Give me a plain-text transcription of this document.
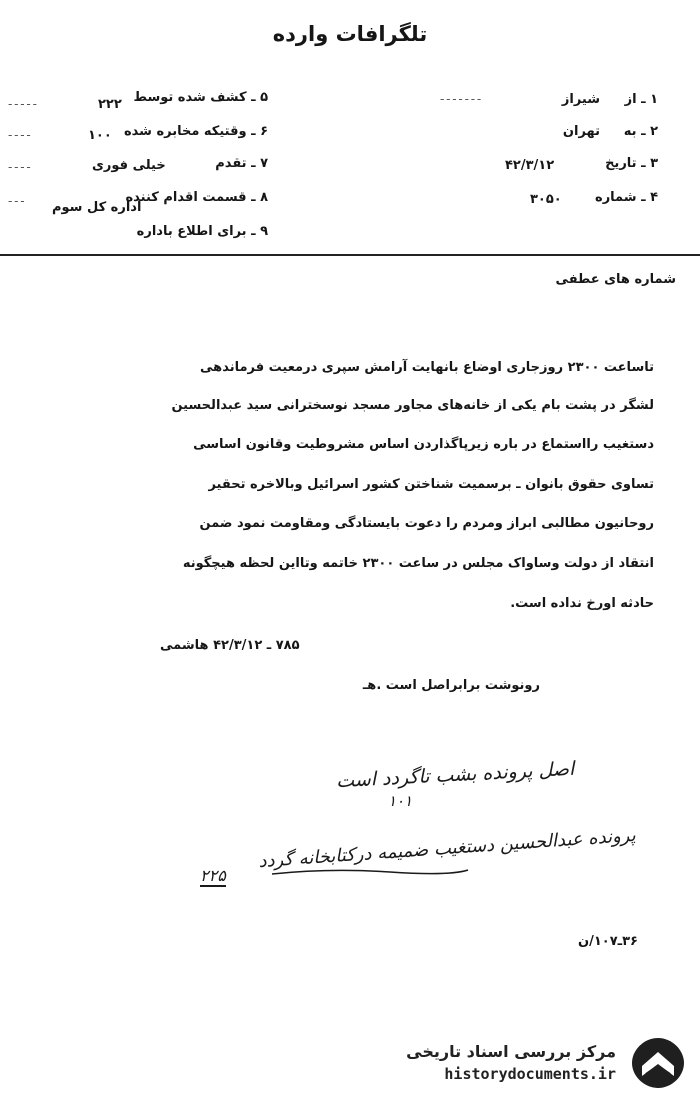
تلگرافات وارده
۱ ـ از
شیراز
- - - - - - -
۲ ـ به
تهران
۳ ـ تاریخ
۴۲/۳/۱۲
۴ ـ شماره
۳۰۵۰
۵ ـ کشف شده توسط
۲۲۲
- - - - -
۶ ـ وقتیکه مخابره شده
۱۰۰
- - - -
۷ ـ تقدم
خیلی فوری
- - - -
۸ ـ قسمت اقدام کننده
اداره کل سوم
- - -
۹ ـ برای اطلاع باداره
شماره های عطفی
تاساعت ۲۳۰۰ روزجاری اوضاع بانهایت آرامش سپری درمعیت فرماندهی
لشگر در پشت بام یکی از خانه‌های مجاور مسجد نوسخترانی سید عبدالحسین
دستغیب رااستماع در باره زیرپاگذاردن اساس مشروطیت وقانون اساسی
تساوی حقوق بانوان ـ برسمیت شناختن کشور اسرائیل وبالاخره تحقیر
روحانیون مطالبی ابراز ومردم را دعوت بایستادگی ومقاومت نمود ضمن
انتقاد از دولت وساواک مجلس در ساعت ۲۳۰۰ خاتمه وتااین لحظه هیچگونه
حادثه اورخ نداده است.
۷۸۵ ـ ۴۲/۳/۱۲ هاشمی
رونوشت برابراصل است .هـ
اصل پرونده بشب تاگردد است
۱۰۱
پرونده عبدالحسین دستغیب ضمیمه درکتابخانه گردد
۲۲۵
۳۶ـ۱۰۷/ن
مرکز بررسی اسناد تاریخی
historydocuments.ir
